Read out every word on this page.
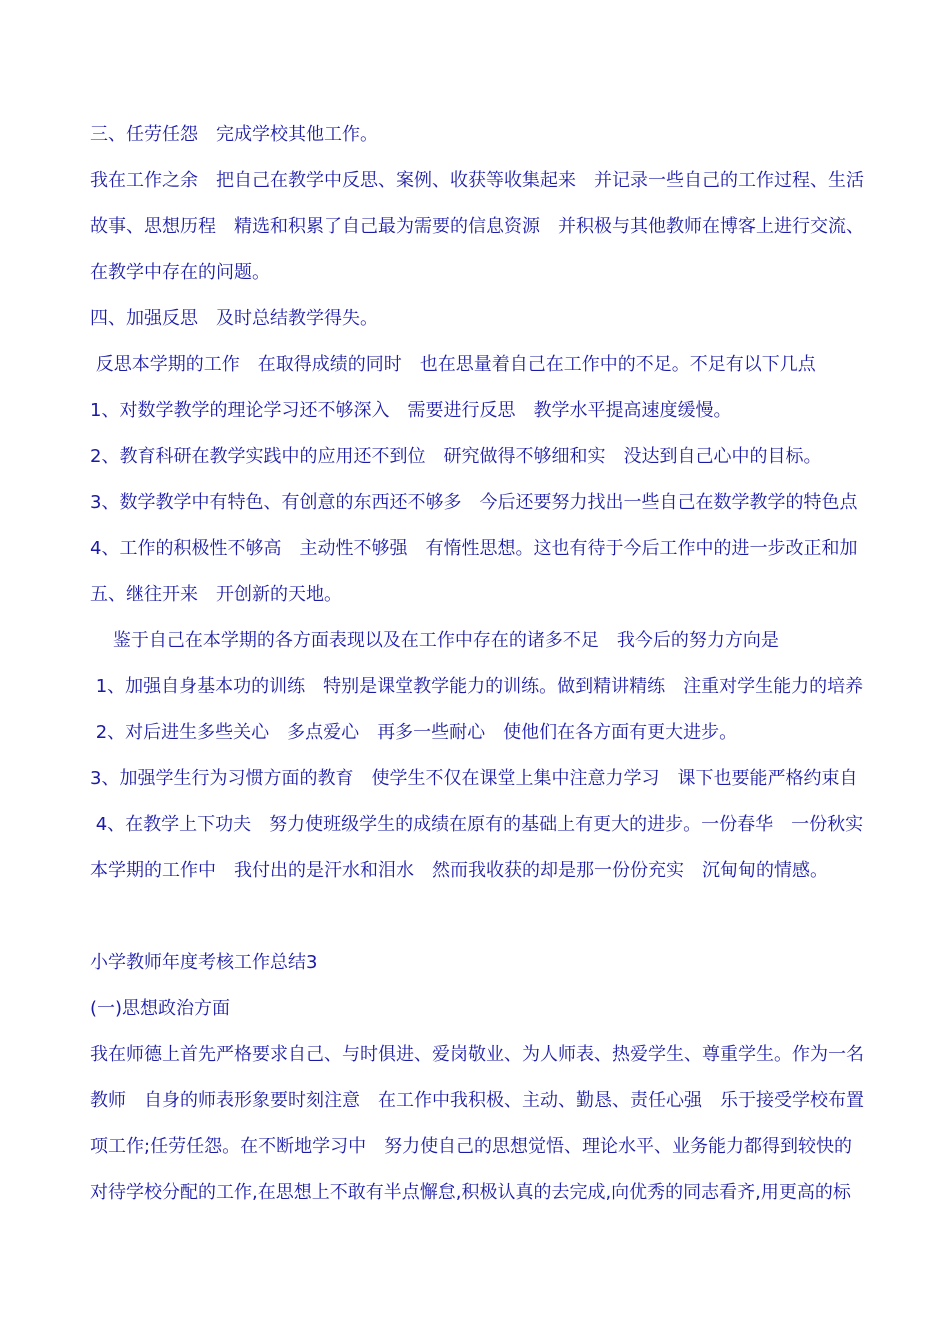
三、任劳任怨　完成学校其他工作。
我在工作之余　把自己在教学中反思、案例、收获等收集起来　并记录一些自己的工作过程、生活
故事、思想历程　精选和积累了自己最为需要的信息资源　并积极与其他教师在博客上进行交流、
在教学中存在的问题。
四、加强反思　及时总结教学得失。
反思本学期的工作　在取得成绩的同时　也在思量着自己在工作中的不足。不足有以下几点
1、对数学教学的理论学习还不够深入　需要进行反思　教学水平提高速度缓慢。
2、教育科研在教学实践中的应用还不到位　研究做得不够细和实　没达到自己心中的目标。
3、数学教学中有特色、有创意的东西还不够多　今后还要努力找出一些自己在数学教学的特色点
4、工作的积极性不够高　主动性不够强　有惰性思想。这也有待于今后工作中的进一步改正和加
五、继往开来　开创新的天地。
鉴于自己在本学期的各方面表现以及在工作中存在的诸多不足　我今后的努力方向是
1、加强自身基本功的训练　特别是课堂教学能力的训练。做到精讲精练　注重对学生能力的培养
2、对后进生多些关心　多点爱心　再多一些耐心　使他们在各方面有更大进步。
3、加强学生行为习惯方面的教育　使学生不仅在课堂上集中注意力学习　课下也要能严格约束自
4、在教学上下功夫　努力使班级学生的成绩在原有的基础上有更大的进步。一份春华　一份秋实
本学期的工作中　我付出的是汗水和泪水　然而我收获的却是那一份份充实　沉甸甸的情感。
小学教师年度考核工作总结3
(一)思想政治方面
我在师德上首先严格要求自己、与时俱进、爱岗敬业、为人师表、热爱学生、尊重学生。作为一名
教师　自身的师表形象要时刻注意　在工作中我积极、主动、勤恳、责任心强　乐于接受学校布置
项工作;任劳任怨。在不断地学习中　努力使自己的思想觉悟、理论水平、业务能力都得到较快的
对待学校分配的工作,在思想上不敢有半点懈怠,积极认真的去完成,向优秀的同志看齐,用更高的标
